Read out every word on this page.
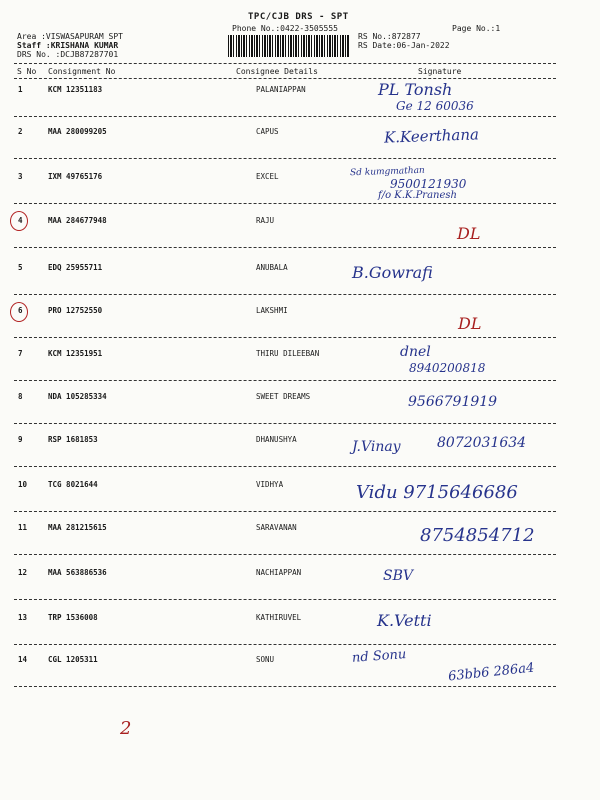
TPC/CJB DRS - SPT
Phone No.:0422-3505555
Area :VISWASAPURAM SPT
Staff :KRISHANA KUMAR
DRS No. :DCJB87287701
RS No.:872877
Page No.:1
RS Date:06-Jan-2022
S No Consignment No	Consignee Details	Signature
1	KCM 12351183	PALANIAPPAN	PL Tonsh
Ge 12 60036
2	MAA 280099205	CAPUS	K.Keerthana
3	IXM 49765176	EXCEL	Sd kumgmathan
9500121930
f/o K.K.Pranesh
4	MAA 284677948	RAJU
DL
5	EDQ 25955711	ANUBALA	B.Gowrafi
6	PRO 12752550	LAKSHMI
DL
7	KCM 12351951	THIRU DILEEBAN	dnel
8940200818
8	NDA 105285334	SWEET DREAMS	9566791919
9	RSP 1681853	DHANUSHYA	J.Vinay	8072031634
10	TCG 8021644	VIDHYA	Vidu 9715646686
11	MAA 281215615	SARAVANAN	8754854712
12	MAA 563886536	NACHIAPPAN	SBV
13	TRP 1536008	KATHIRUVEL	K.Vetti
14	CGL 1205311	SONU	nd Sonu
63bb6 286a4
2
